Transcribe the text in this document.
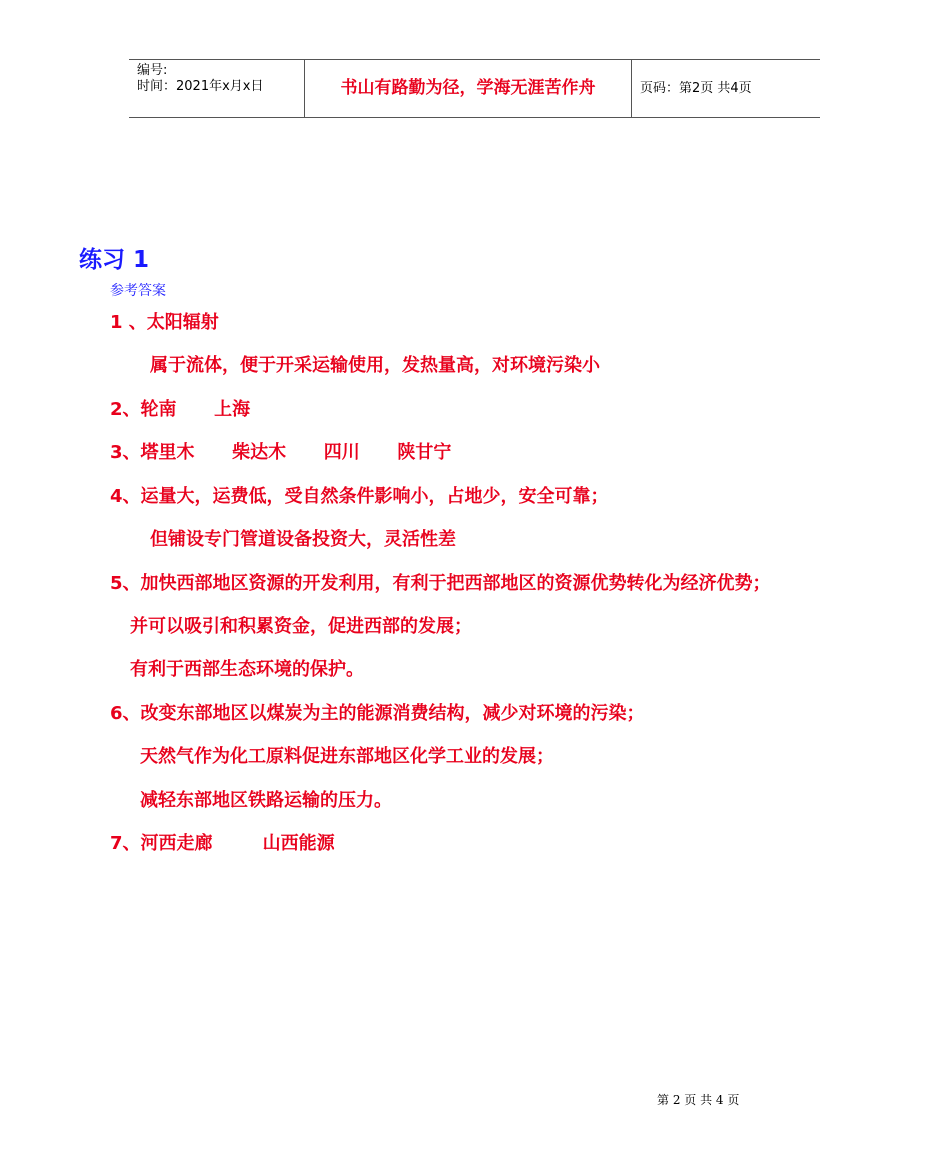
编号:
时间：2021年x月x日	书山有路勤为径，学海无涯苦作舟	页码：第2页 共4页
练习 1
参考答案
1 、太阳辐射
属于流体，便于开采运输使用，发热量高，对环境污染小
2、轮南      上海
3、塔里木      柴达木      四川      陕甘宁
4、运量大，运费低，受自然条件影响小，占地少，安全可靠；
但铺设专门管道设备投资大，灵活性差
5、加快西部地区资源的开发利用，有利于把西部地区的资源优势转化为经济优势；
并可以吸引和积累资金，促进西部的发展；
有利于西部生态环境的保护。
6、改变东部地区以煤炭为主的能源消费结构，减少对环境的污染；
天然气作为化工原料促进东部地区化学工业的发展；
减轻东部地区铁路运输的压力。
7、河西走廊        山西能源
第 2 页 共 4 页
